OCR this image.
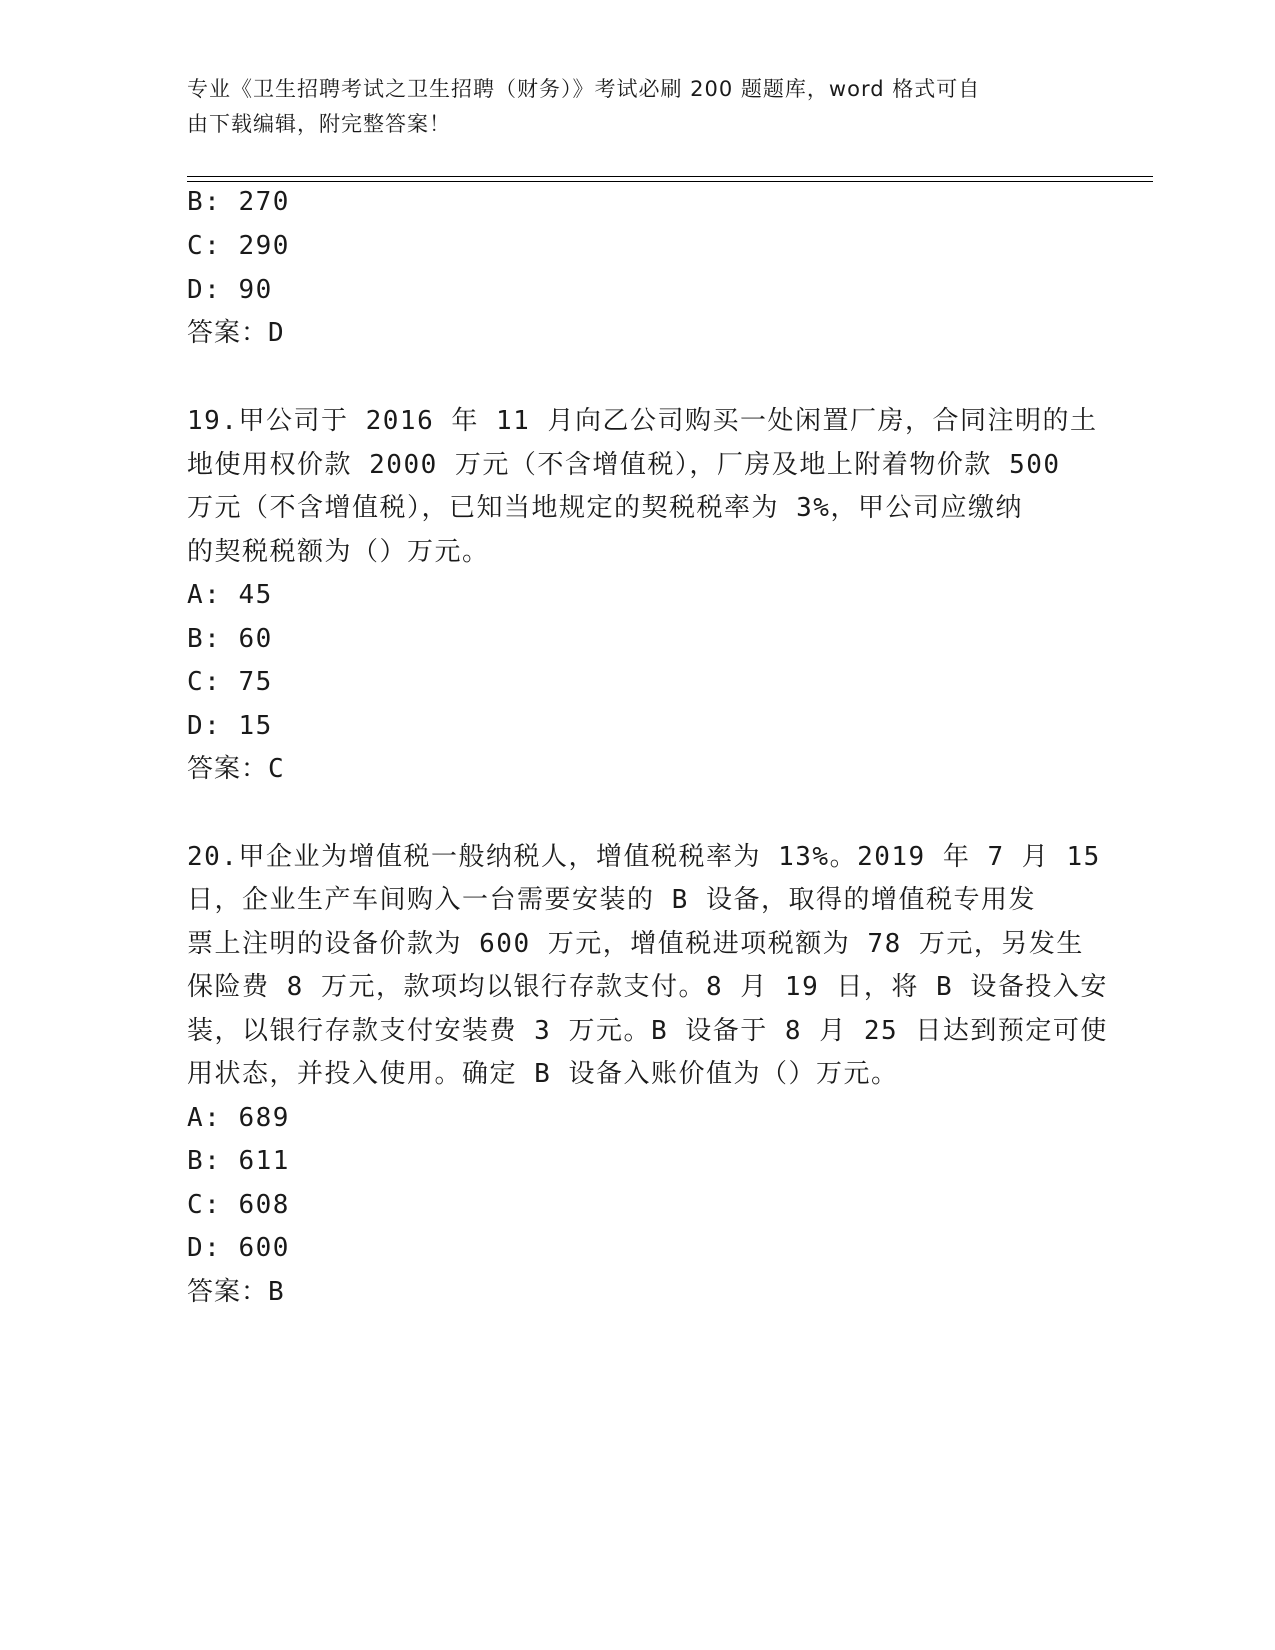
专业《卫生招聘考试之卫生招聘（财务）》考试必刷 200 题题库，word 格式可自
由下载编辑，附完整答案！
B: 270
C: 290
D: 90
答案：D
19.甲公司于 2016 年 11 月向乙公司购买一处闲置厂房，合同注明的土
地使用权价款 2000 万元（不含增值税），厂房及地上附着物价款 500
万元（不含增值税），已知当地规定的契税税率为 3%，甲公司应缴纳
的契税税额为（）万元。
A: 45
B: 60
C: 75
D: 15
答案：C
20.甲企业为增值税一般纳税人，增值税税率为 13%。2019 年 7 月 15
日，企业生产车间购入一台需要安装的 B 设备，取得的增值税专用发
票上注明的设备价款为 600 万元，增值税进项税额为 78 万元，另发生
保险费 8 万元，款项均以银行存款支付。8 月 19 日，将 B 设备投入安
装，以银行存款支付安装费 3 万元。B 设备于 8 月 25 日达到预定可使
用状态，并投入使用。确定 B 设备入账价值为（）万元。
A: 689
B: 611
C: 608
D: 600
答案：B
